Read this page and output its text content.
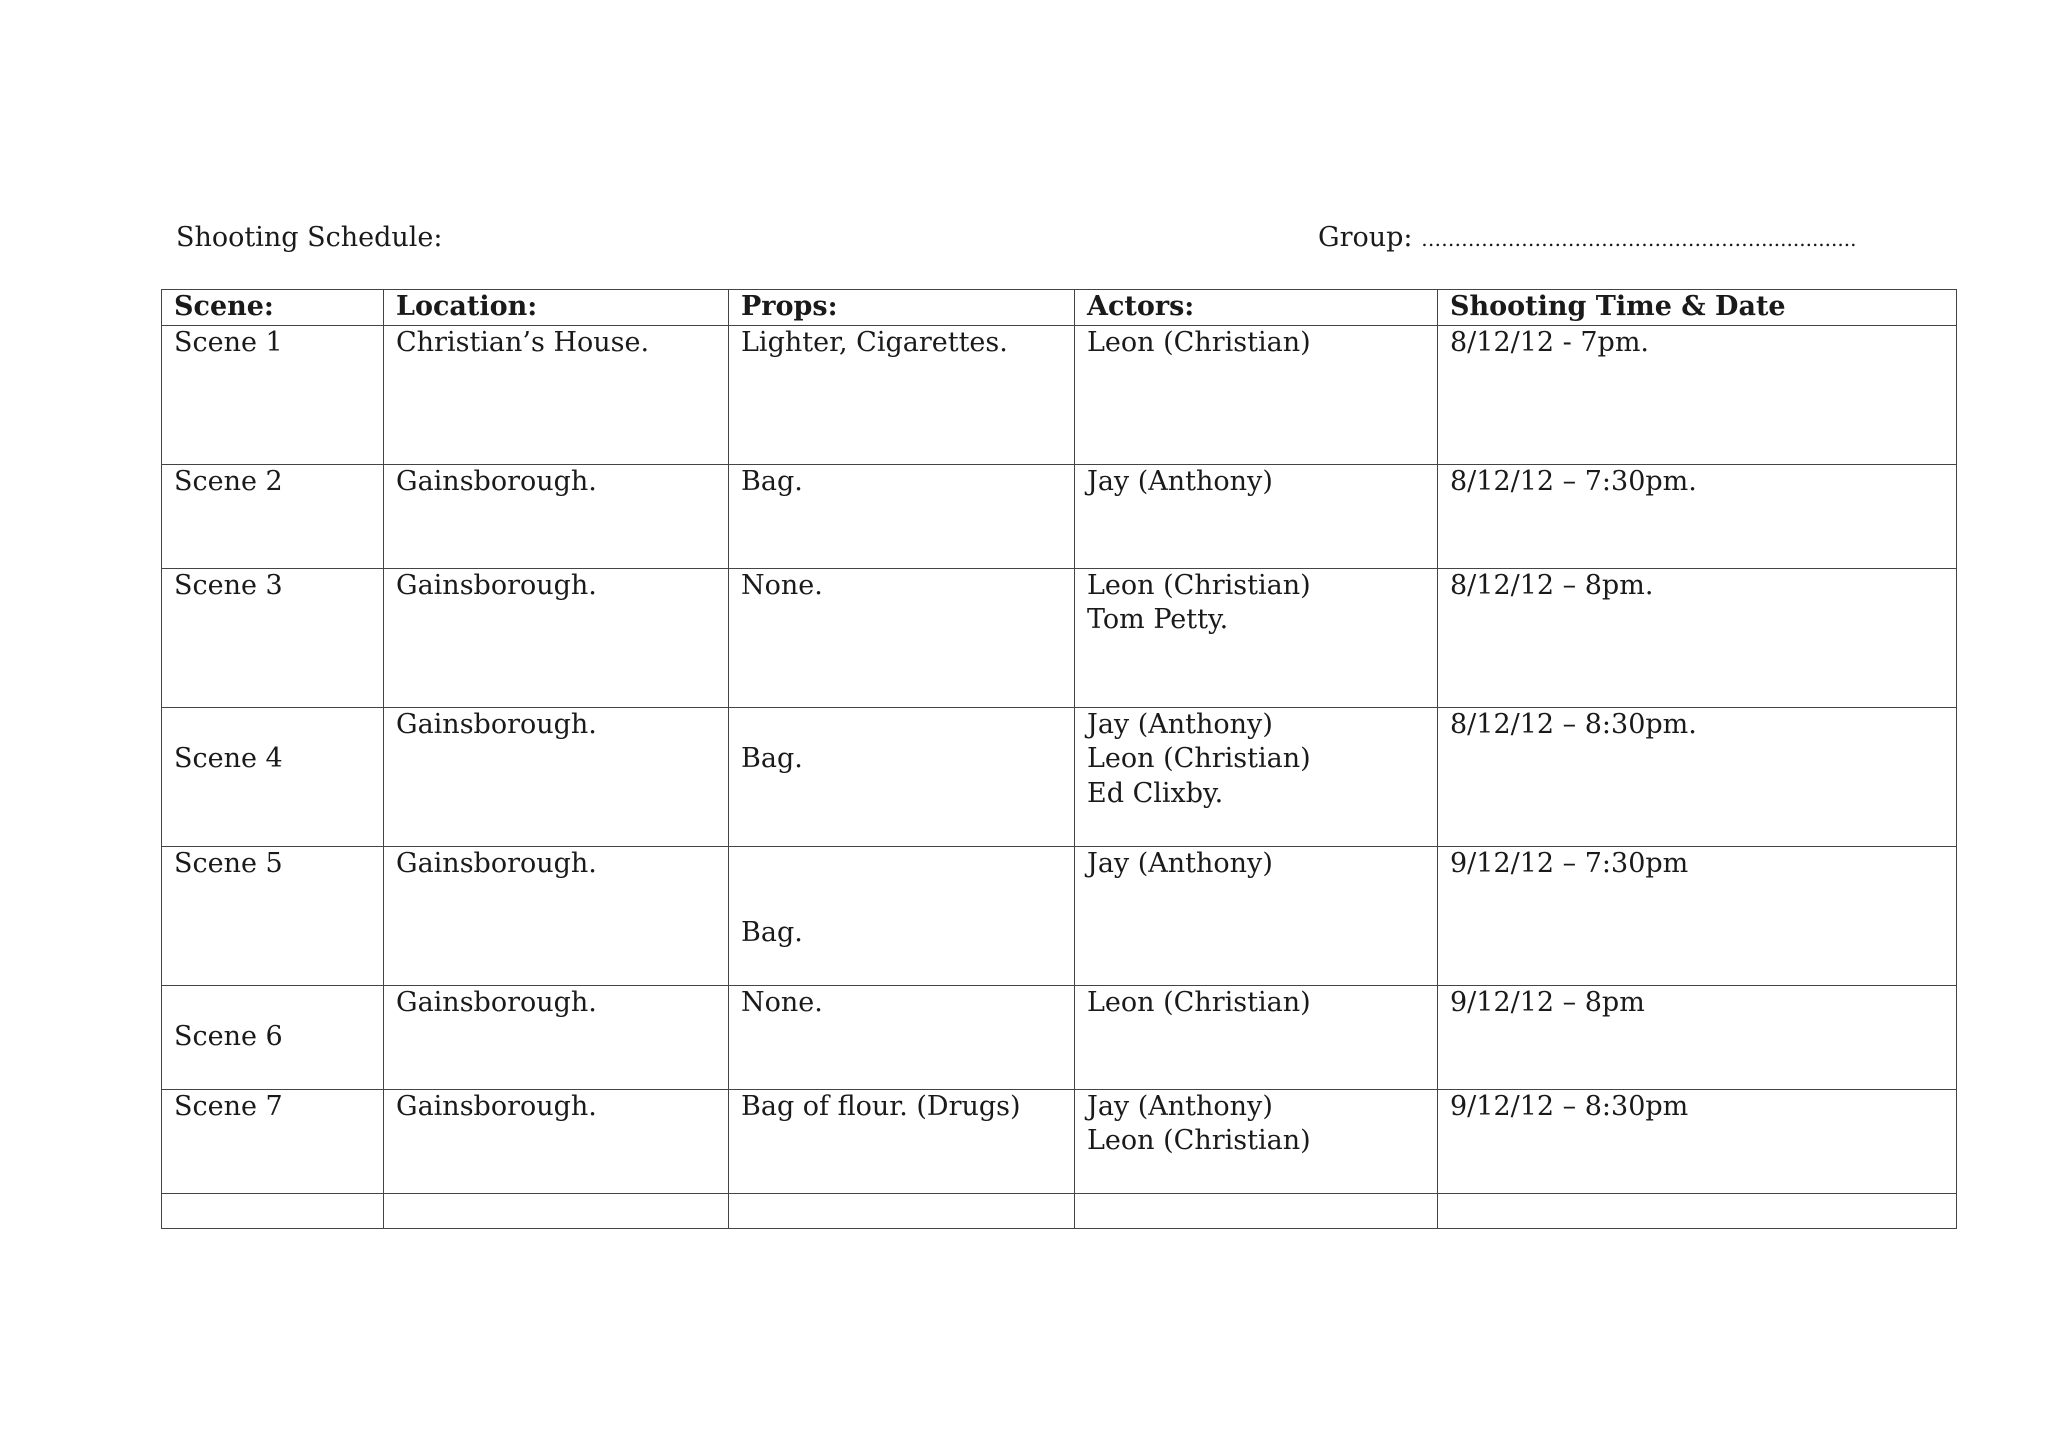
Shooting Schedule:	Group: ……………………………………………...............
Scene:	Location:	Props:	Actors:	Shooting Time & Date

Scene 1	Christian’s House.	Lighter, Cigarettes.	Leon (Christian)	8/12/12 - 7pm.

Scene 2	Gainsborough.	Bag.	Jay (Anthony)	8/12/12 – 7:30pm.

Scene 3	Gainsborough.	None.	Leon (Christian)
Tom Petty.	8/12/12 – 8pm.

Scene 4	Gainsborough.	Bag.	Jay (Anthony)
Leon (Christian)
Ed Clixby.	8/12/12 – 8:30pm.

Scene 5	Gainsborough.	Bag.	Jay (Anthony)	9/12/12 – 7:30pm

Scene 6	Gainsborough.	None.	Leon (Christian)	9/12/12 – 8pm

Scene 7	Gainsborough.	Bag of flour. (Drugs)	Jay (Anthony)
Leon (Christian)	9/12/12 – 8:30pm
